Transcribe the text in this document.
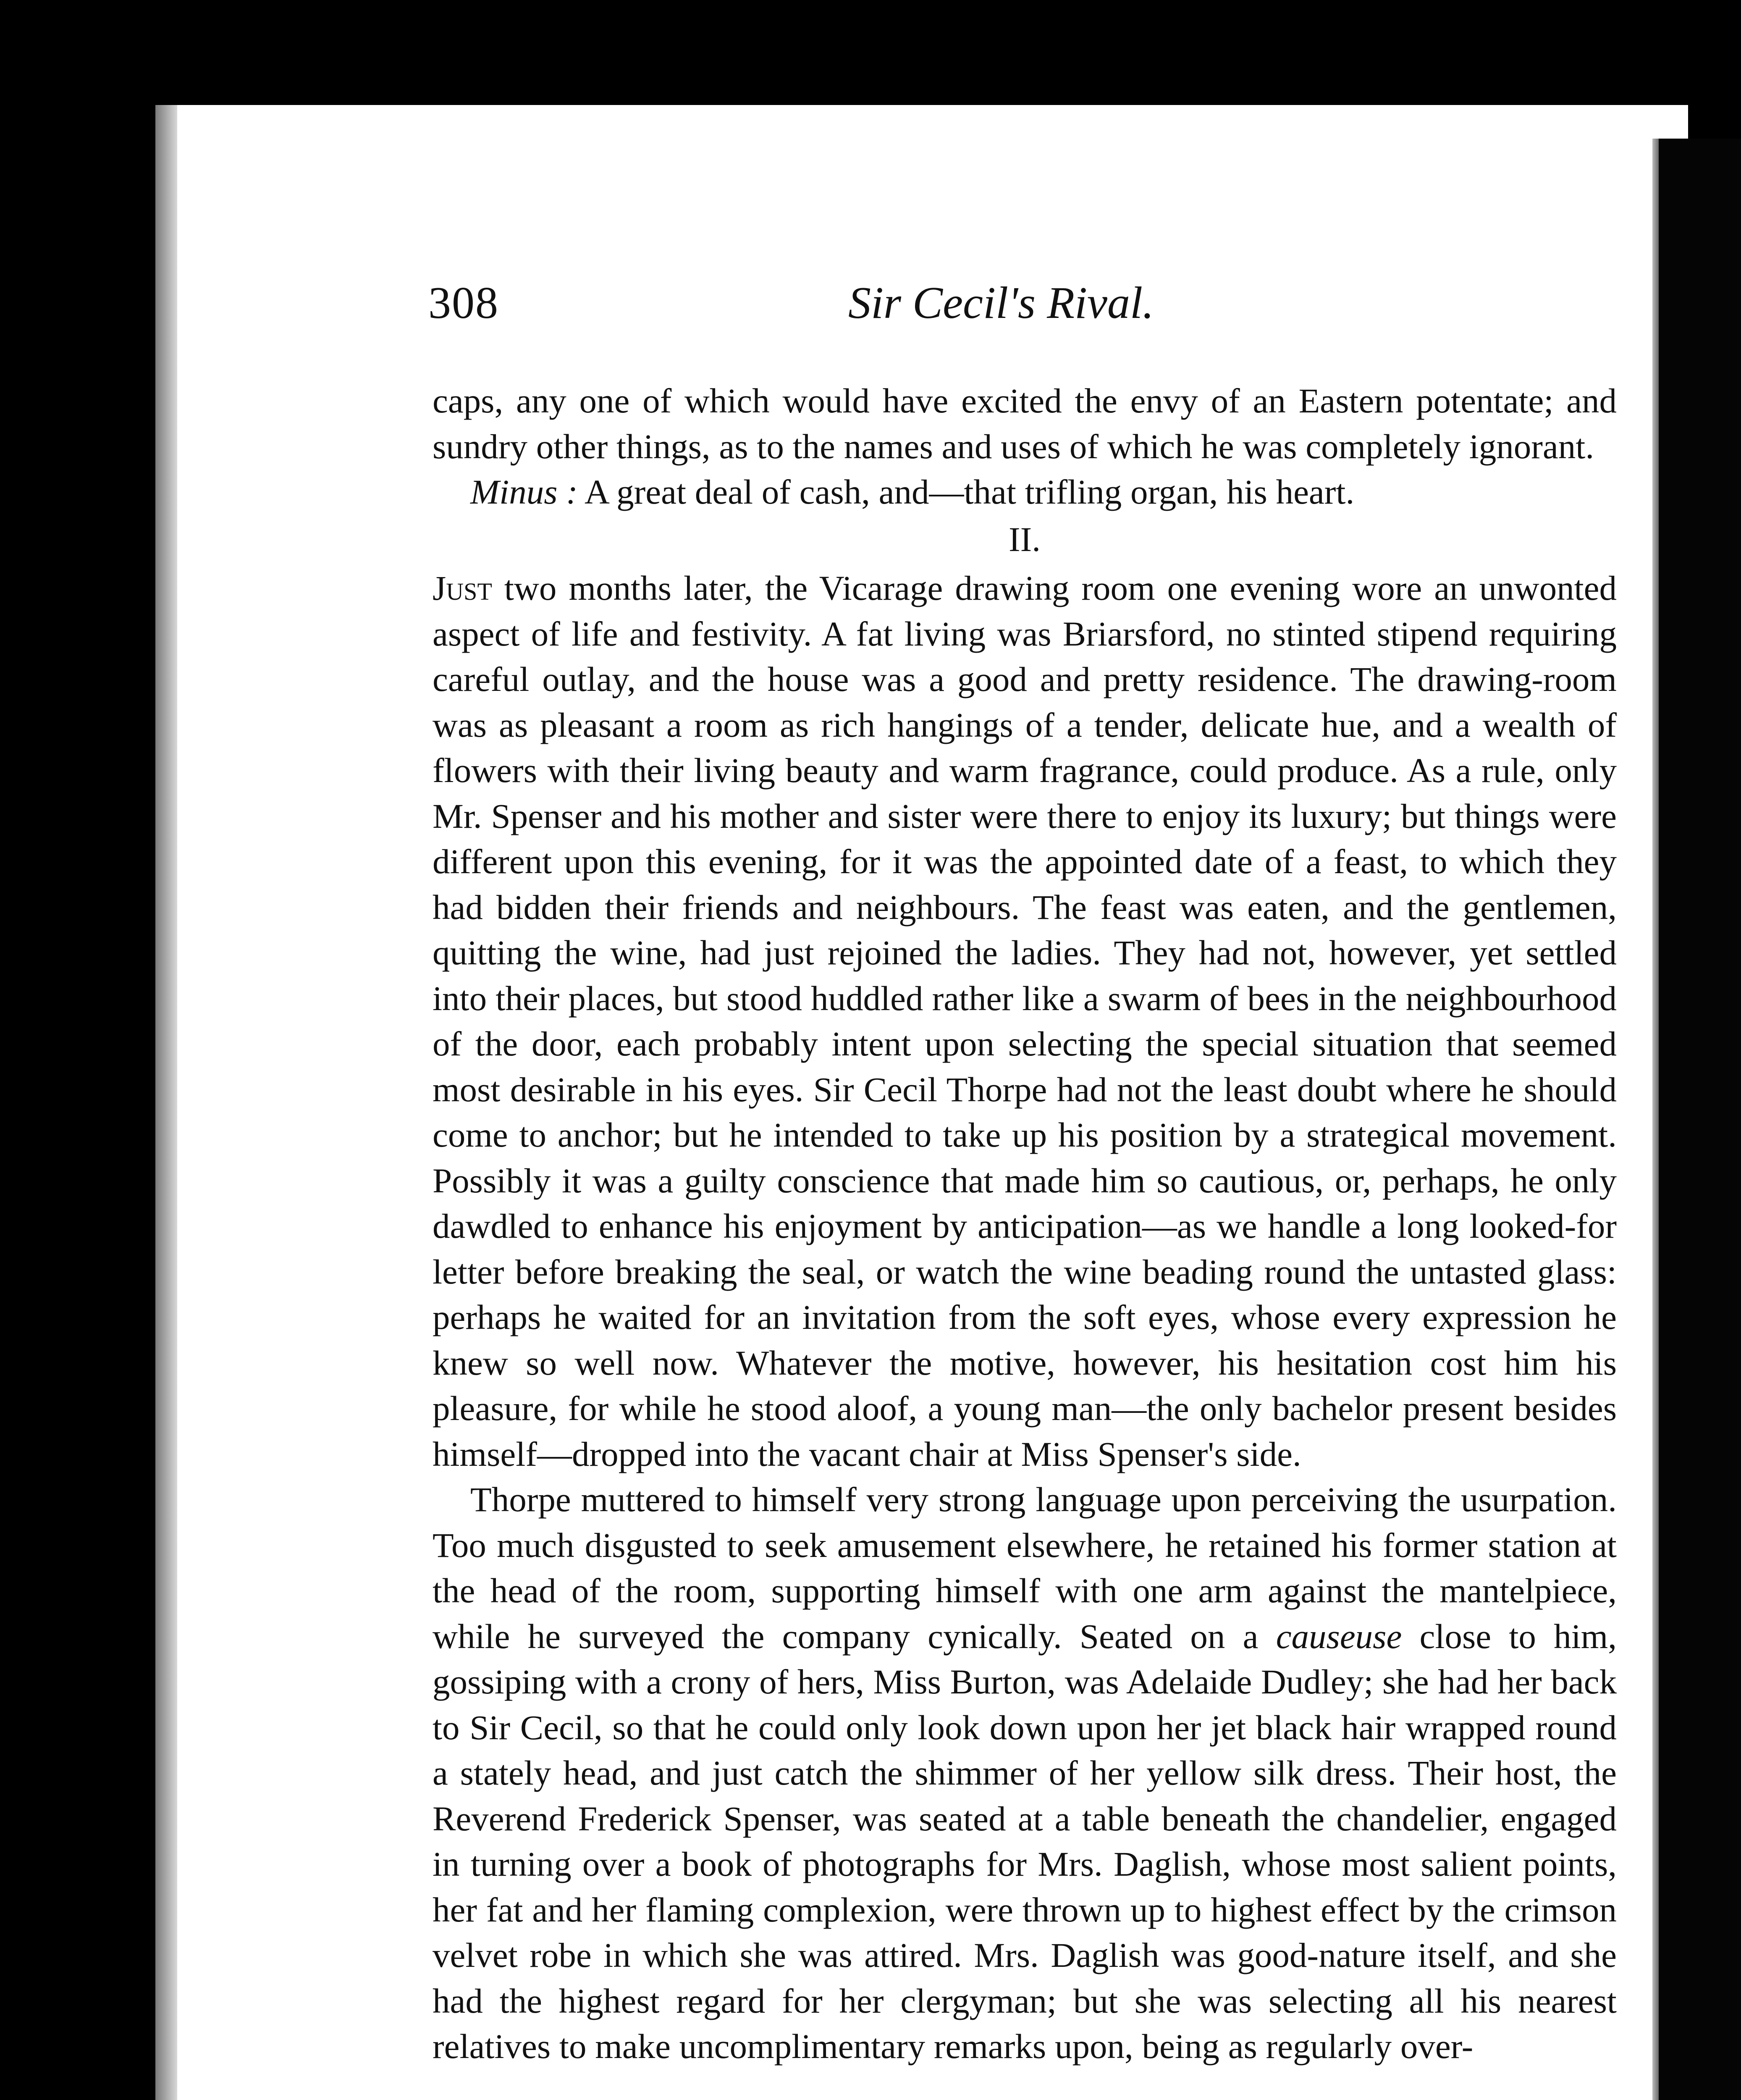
308	Sir Cecil's Rival.

caps, any one of which would have excited the envy of an Eastern potentate; and sundry other things, as to the names and uses of which he was completely ignorant.

Minus : A great deal of cash, and—that trifling organ, his heart.

II.

Just two months later, the Vicarage drawing room one evening wore an unwonted aspect of life and festivity. A fat living was Briarsford, no stinted stipend requiring careful outlay, and the house was a good and pretty residence. The drawing-room was as pleasant a room as rich hangings of a tender, delicate hue, and a wealth of flowers with their living beauty and warm fragrance, could produce. As a rule, only Mr. Spenser and his mother and sister were there to enjoy its luxury; but things were different upon this evening, for it was the appointed date of a feast, to which they had bidden their friends and neighbours. The feast was eaten, and the gentlemen, quitting the wine, had just rejoined the ladies. They had not, however, yet settled into their places, but stood huddled rather like a swarm of bees in the neighbourhood of the door, each probably intent upon selecting the special situation that seemed most desirable in his eyes. Sir Cecil Thorpe had not the least doubt where he should come to anchor; but he intended to take up his position by a strategical movement. Possibly it was a guilty conscience that made him so cautious, or, perhaps, he only dawdled to enhance his enjoyment by anticipation—as we handle a long looked-for letter before breaking the seal, or watch the wine beading round the untasted glass: perhaps he waited for an invitation from the soft eyes, whose every expression he knew so well now. Whatever the motive, however, his hesitation cost him his pleasure, for while he stood aloof, a young man—the only bachelor present besides himself—dropped into the vacant chair at Miss Spenser's side.

Thorpe muttered to himself very strong language upon perceiving the usurpation. Too much disgusted to seek amusement elsewhere, he retained his former station at the head of the room, supporting himself with one arm against the mantelpiece, while he surveyed the company cynically. Seated on a causeuse close to him, gossiping with a crony of hers, Miss Burton, was Adelaide Dudley; she had her back to Sir Cecil, so that he could only look down upon her jet black hair wrapped round a stately head, and just catch the shimmer of her yellow silk dress. Their host, the Reverend Frederick Spenser, was seated at a table beneath the chandelier, engaged in turning over a book of photographs for Mrs. Daglish, whose most salient points, her fat and her flaming complexion, were thrown up to highest effect by the crimson velvet robe in which she was attired. Mrs. Daglish was good-nature itself, and she had the highest regard for her clergyman; but she was selecting all his nearest relatives to make uncomplimentary remarks upon, being as regularly over-
